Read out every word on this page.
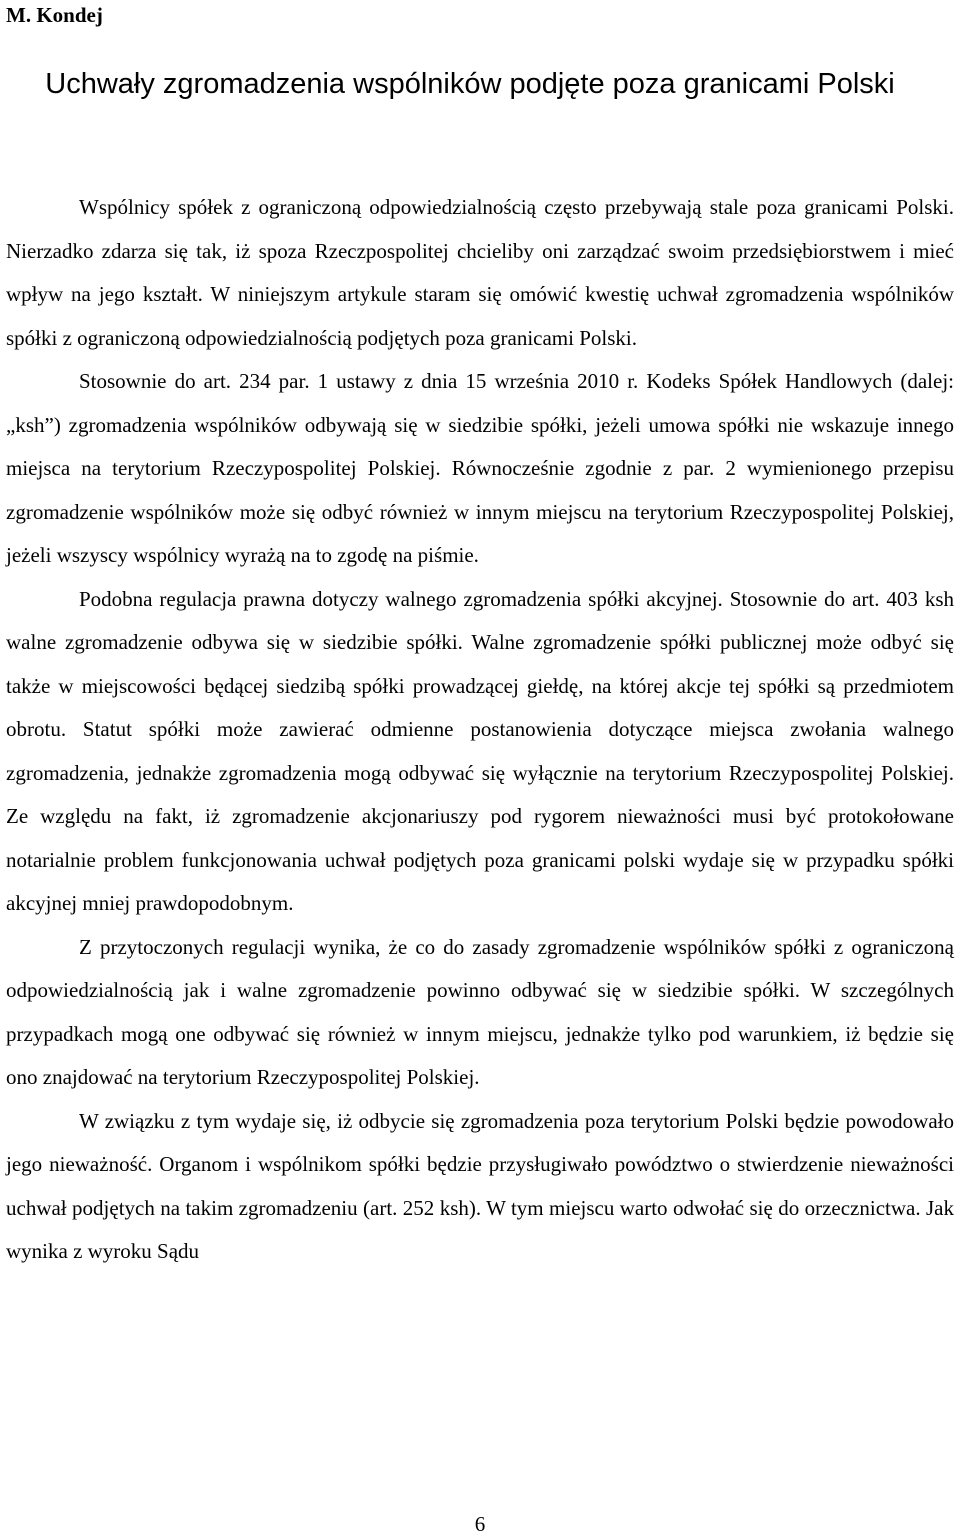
M. Kondej
Uchwały zgromadzenia wspólników podjęte poza granicami Polski

Wspólnicy spółek z ograniczoną odpowiedzialnością często przebywają stale poza granicami Polski. Nierzadko zdarza się tak, iż spoza Rzeczpospolitej chcieliby oni zarządzać swoim przedsiębiorstwem i mieć wpływ na jego kształt. W niniejszym artykule staram się omówić kwestię uchwał zgromadzenia wspólników spółki z ograniczoną odpowiedzialnością podjętych poza granicami Polski.

Stosownie do art. 234 par. 1 ustawy z dnia 15 września 2010 r. Kodeks Spółek Handlowych (dalej: „ksh”) zgromadzenia wspólników odbywają się w siedzibie spółki, jeżeli umowa spółki nie wskazuje innego miejsca na terytorium Rzeczypospolitej Polskiej. Równocześnie zgodnie z par. 2 wymienionego przepisu zgromadzenie wspólników może się odbyć również w innym miejscu na terytorium Rzeczypospolitej Polskiej, jeżeli wszyscy wspólnicy wyrażą na to zgodę na piśmie.

Podobna regulacja prawna dotyczy walnego zgromadzenia spółki akcyjnej. Stosownie do art. 403 ksh walne zgromadzenie odbywa się w siedzibie spółki. Walne zgromadzenie spółki publicznej może odbyć się także w miejscowości będącej siedzibą spółki prowadzącej giełdę, na której akcje tej spółki są przedmiotem obrotu. Statut spółki może zawierać odmienne postanowienia dotyczące miejsca zwołania walnego zgromadzenia, jednakże zgromadzenia mogą odbywać się wyłącznie na terytorium Rzeczypospolitej Polskiej. Ze względu na fakt, iż zgromadzenie akcjonariuszy pod rygorem nieważności musi być protokołowane notarialnie problem funkcjonowania uchwał podjętych poza granicami polski wydaje się w przypadku spółki akcyjnej mniej prawdopodobnym.

Z przytoczonych regulacji wynika, że co do zasady zgromadzenie wspólników spółki z ograniczoną odpowiedzialnością jak i walne zgromadzenie powinno odbywać się w siedzibie spółki. W szczególnych przypadkach mogą one odbywać się również w innym miejscu, jednakże tylko pod warunkiem, iż będzie się ono znajdować na terytorium Rzeczypospolitej Polskiej.

W związku z tym wydaje się, iż odbycie się zgromadzenia poza terytorium Polski będzie powodowało jego nieważność. Organom i wspólnikom spółki będzie przysługiwało powództwo o stwierdzenie nieważności uchwał podjętych na takim zgromadzeniu (art. 252 ksh). W tym miejscu warto odwołać się do orzecznictwa. Jak wynika z wyroku Sądu

6
